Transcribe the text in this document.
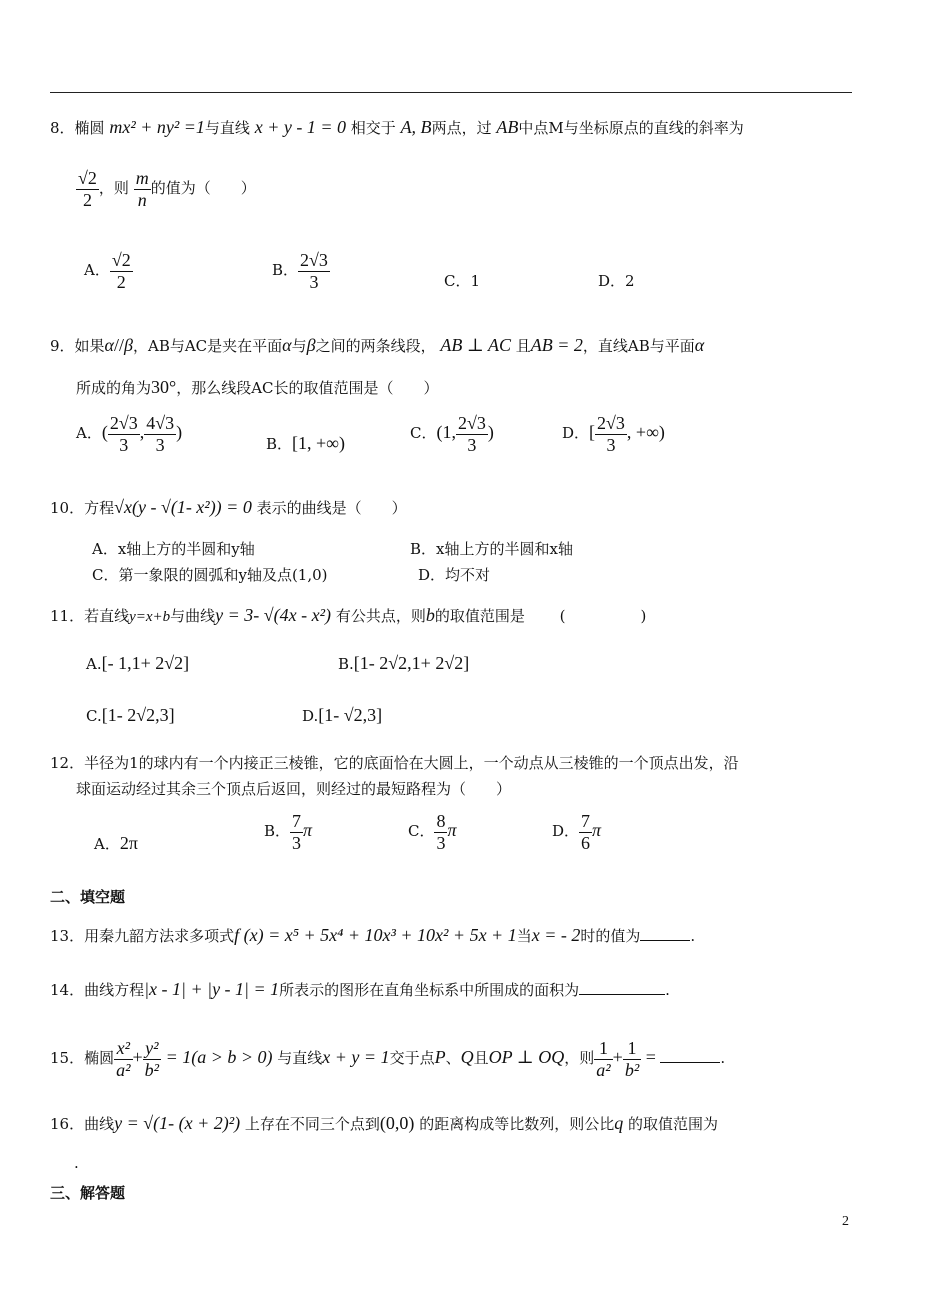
8．椭圆 mx² + ny² =1与直线 x + y - 1 = 0 相交于 A, B两点，过 AB中点M与坐标原点的直线的斜率为
$\frac{√2}{2}$ ，则 $\frac{m}{n}$ 的值为（　　）
A． $\frac{√2}{2}$	B． $\frac{2√3}{3}$	C．1	D．2
9．如果α//β，AB与AC是夹在平面α与β之间的两条线段， AB ⊥ AC 且AB = 2，直线AB与平面α
所成的角为30°，那么线段AC长的取值范围是（　　）
A．( $\frac{2√3}{3}$ , $\frac{4√3}{3}$ )
B．[1, +∞)	C．(1, $\frac{2√3}{3}$ )	D．[ $\frac{2√3}{3}$ , +∞)
10．方程√x(y - √(1- x²)) = 0 表示的曲线是（　　）
A．x轴上方的半圆和y轴	B．x轴上方的半圆和x轴
C．第一象限的圆弧和y轴及点(1,0)	D．均不对
11．若直线y=x+b与曲线y = 3- √(4x - x²) 有公共点，则b的取值范围是 (　　　　　)
A.[- 1,1+ 2√2]	B.[1- 2√2,1+ 2√2]
C.[1- 2√2,3]	D.[1- √2,3]
12．半径为1的球内有一个内接正三棱锥，它的底面恰在大圆上，一个动点从三棱锥的一个顶点出发，沿
球面运动经过其余三个顶点后返回，则经过的最短路程为（　　）
A．2π
B． $\frac{7}{3}$ π	C． $\frac{8}{3}$ π	D． $\frac{7}{6}$ π
二、填空题
13．用秦九韶方法求多项式f (x) = x⁵ + 5x⁴ + 10x³ + 10x² + 5x + 1当x = - 2时的值为	.
14．曲线方程|x - 1| + |y - 1| = 1所表示的图形在直角坐标系中所围成的面积为	.
15．椭圆 $\frac{\text{x²}}{\text{a²}} + \frac{\text{y²}}{\text{b²}} = 1(a > b > 0)$ 与直线x + y = 1交于点P、Q且OP ⊥ OQ，则 $\frac{1}{\text{a²}} + \frac{1}{\text{b²}}$ =	.
16．曲线y = √(1- (x + 2)²) 上存在不同三个点到(0,0) 的距离构成等比数列，则公比q 的取值范围为
.
三、解答题
2
